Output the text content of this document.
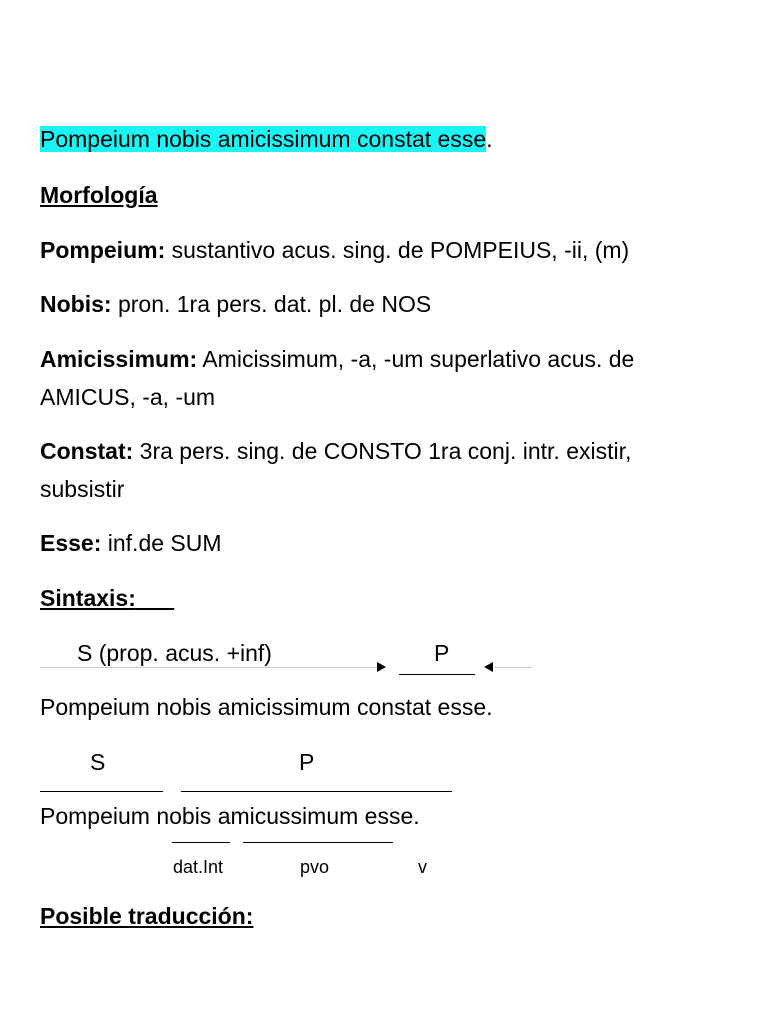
Pompeium nobis amicissimum constat esse.
Morfología
Pompeium: sustantivo acus. sing. de POMPEIUS, -ii, (m)
Nobis: pron. 1ra pers. dat. pl. de NOS
Amicissimum: Amicissimum, -a, -um superlativo acus. de AMICUS, -a, -um
Constat: 3ra pers. sing. de CONSTO 1ra conj. intr. existir, subsistir
Esse: inf.de SUM
Sintaxis:
S (prop. acus. +inf)	P
Pompeium nobis amicissimum constat esse.
S	P
Pompeium nobis amicussimum esse.
dat.Int	pvo	v
Posible traducción:
